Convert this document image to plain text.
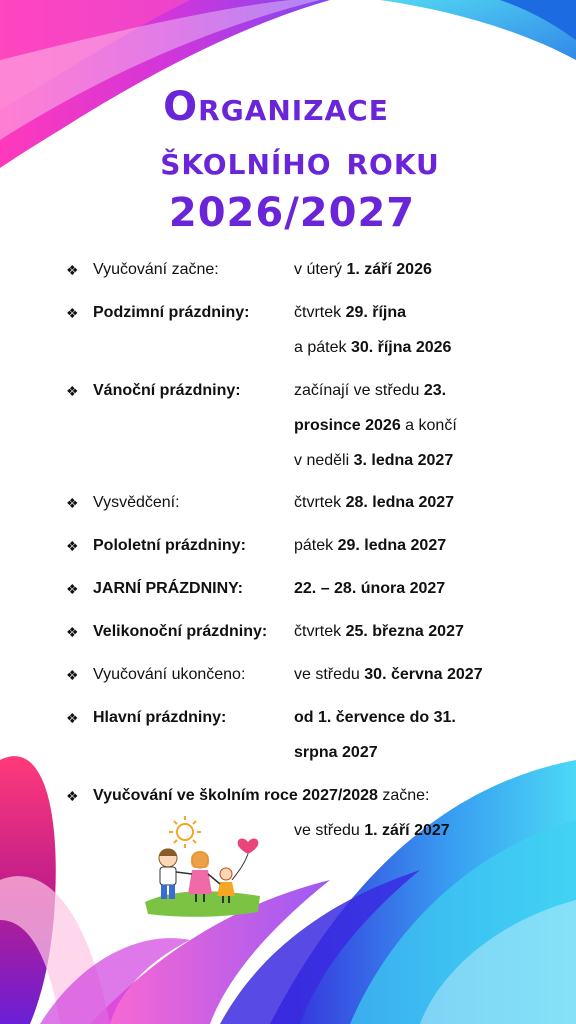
Organizace
školního roku
2026/2027
❖ Vyučování začne:	v úterý 1. září 2026
❖ Podzimní prázdniny:	čtvrtek 29. října
a pátek 30. října 2026
❖ Vánoční prázdniny:	začínají ve středu 23.
prosince 2026 a končí
v neděli 3. ledna 2027
❖ Vysvědčení:	čtvrtek 28. ledna 2027
❖ Pololetní prázdniny:	pátek 29. ledna 2027
❖ JARNÍ PRÁZDNINY:	22. – 28. února 2027
❖ Velikonoční prázdniny: čtvrtek 25. března 2027
❖ Vyučování ukončeno:	ve středu 30. června 2027
❖ Hlavní prázdniny:	od 1. července do 31.
srpna 2027
❖ Vyučování ve školním roce 2027/2028 začne:
ve středu 1. září 2027
